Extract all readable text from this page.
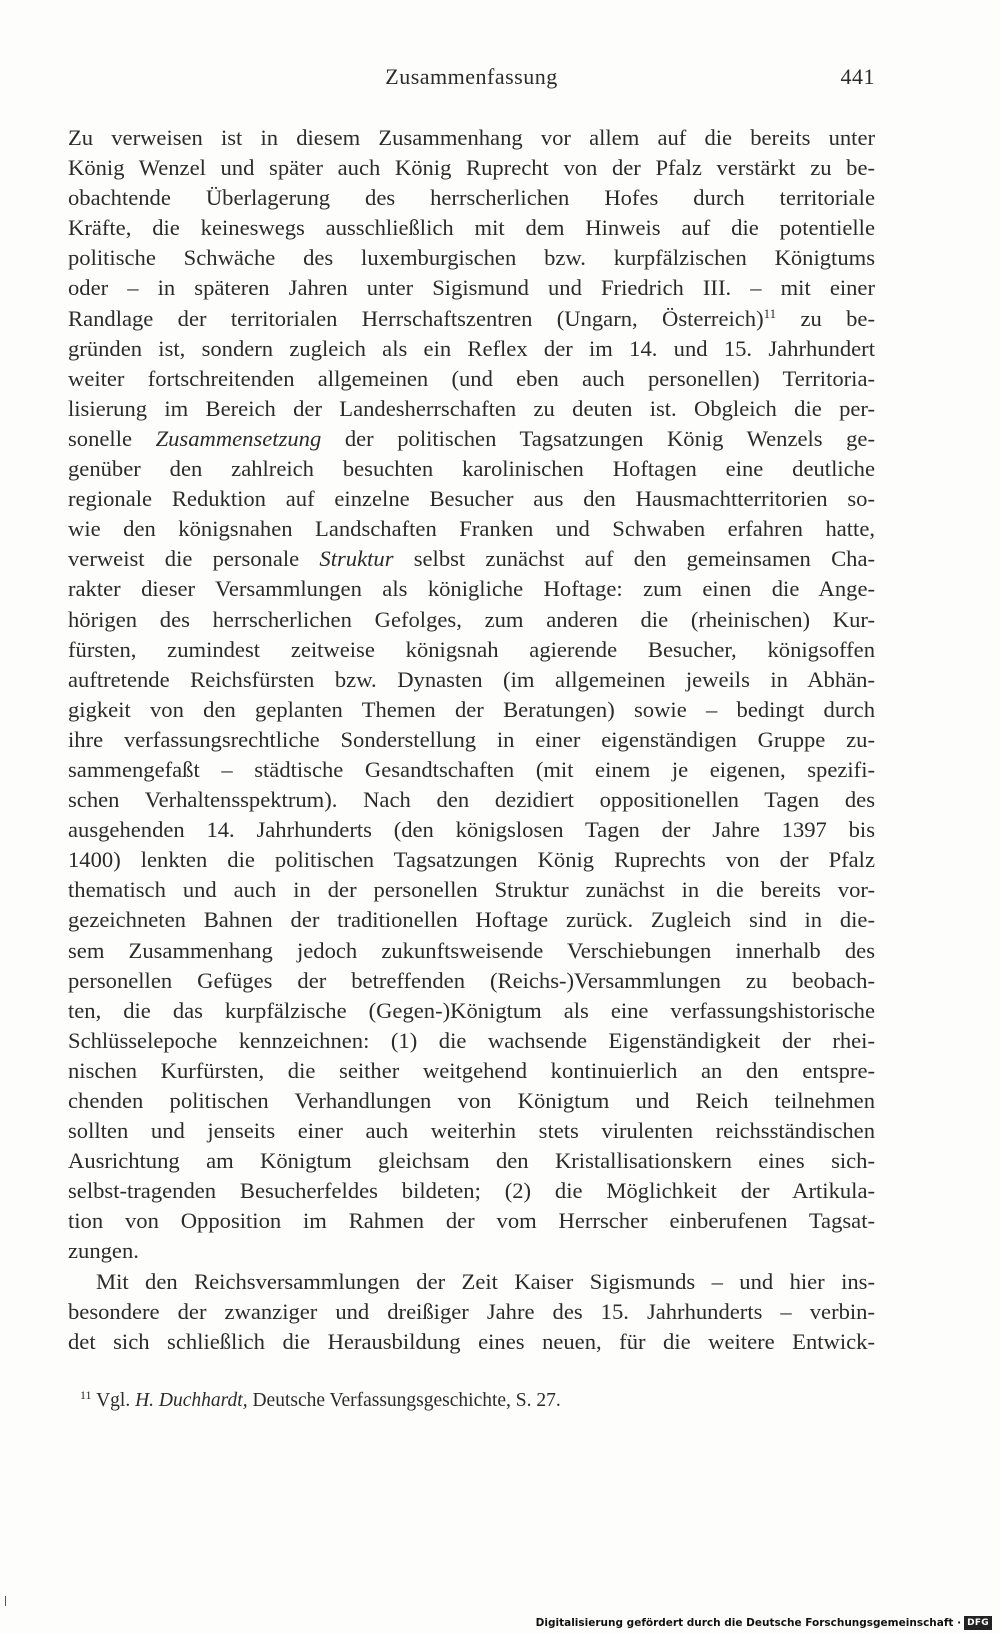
Zusammenfassung	441
Zu verweisen ist in diesem Zusammenhang vor allem auf die bereits unter
König Wenzel und später auch König Ruprecht von der Pfalz verstärkt zu be-
obachtende Überlagerung des herrscherlichen Hofes durch territoriale
Kräfte, die keineswegs ausschließlich mit dem Hinweis auf die potentielle
politische Schwäche des luxemburgischen bzw. kurpfälzischen Königtums
oder – in späteren Jahren unter Sigismund und Friedrich III. – mit einer
Randlage der territorialen Herrschaftszentren (Ungarn, Österreich)$^{11}$ zu be-
gründen ist, sondern zugleich als ein Reflex der im 14. und 15. Jahrhundert
weiter fortschreitenden allgemeinen (und eben auch personellen) Territoria-
lisierung im Bereich der Landesherrschaften zu deuten ist. Obgleich die per-
sonelle Zusammensetzung der politischen Tagsatzungen König Wenzels ge-
genüber den zahlreich besuchten karolinischen Hoftagen eine deutliche
regionale Reduktion auf einzelne Besucher aus den Hausmachtterritorien so-
wie den königsnahen Landschaften Franken und Schwaben erfahren hatte,
verweist die personale Struktur selbst zunächst auf den gemeinsamen Cha-
rakter dieser Versammlungen als königliche Hoftage: zum einen die Ange-
hörigen des herrscherlichen Gefolges, zum anderen die (rheinischen) Kur-
fürsten, zumindest zeitweise königsnah agierende Besucher, königsoffen
auftretende Reichsfürsten bzw. Dynasten (im allgemeinen jeweils in Abhän-
gigkeit von den geplanten Themen der Beratungen) sowie – bedingt durch
ihre verfassungsrechtliche Sonderstellung in einer eigenständigen Gruppe zu-
sammengefaßt – städtische Gesandtschaften (mit einem je eigenen, spezifi-
schen Verhaltensspektrum). Nach den dezidiert oppositionellen Tagen des
ausgehenden 14. Jahrhunderts (den königslosen Tagen der Jahre 1397 bis
1400) lenkten die politischen Tagsatzungen König Ruprechts von der Pfalz
thematisch und auch in der personellen Struktur zunächst in die bereits vor-
gezeichneten Bahnen der traditionellen Hoftage zurück. Zugleich sind in die-
sem Zusammenhang jedoch zukunftsweisende Verschiebungen innerhalb des
personellen Gefüges der betreffenden (Reichs-)Versammlungen zu beobach-
ten, die das kurpfälzische (Gegen-)Königtum als eine verfassungshistorische
Schlüsselepoche kennzeichnen: (1) die wachsende Eigenständigkeit der rhei-
nischen Kurfürsten, die seither weitgehend kontinuierlich an den entspre-
chenden politischen Verhandlungen von Königtum und Reich teilnehmen
sollten und jenseits einer auch weiterhin stets virulenten reichsständischen
Ausrichtung am Königtum gleichsam den Kristallisationskern eines sich-
selbst-tragenden Besucherfeldes bildeten; (2) die Möglichkeit der Artikula-
tion von Opposition im Rahmen der vom Herrscher einberufenen Tagsat-
zungen.
Mit den Reichsversammlungen der Zeit Kaiser Sigismunds – und hier ins-
besondere der zwanziger und dreißiger Jahre des 15. Jahrhunderts – verbin-
det sich schließlich die Herausbildung eines neuen, für die weitere Entwick-
$^{11}$ Vgl. H. Duchhardt, Deutsche Verfassungsgeschichte, S. 27.
Digitalisierung gefördert durch die Deutsche Forschungsgemeinschaft · DFG
